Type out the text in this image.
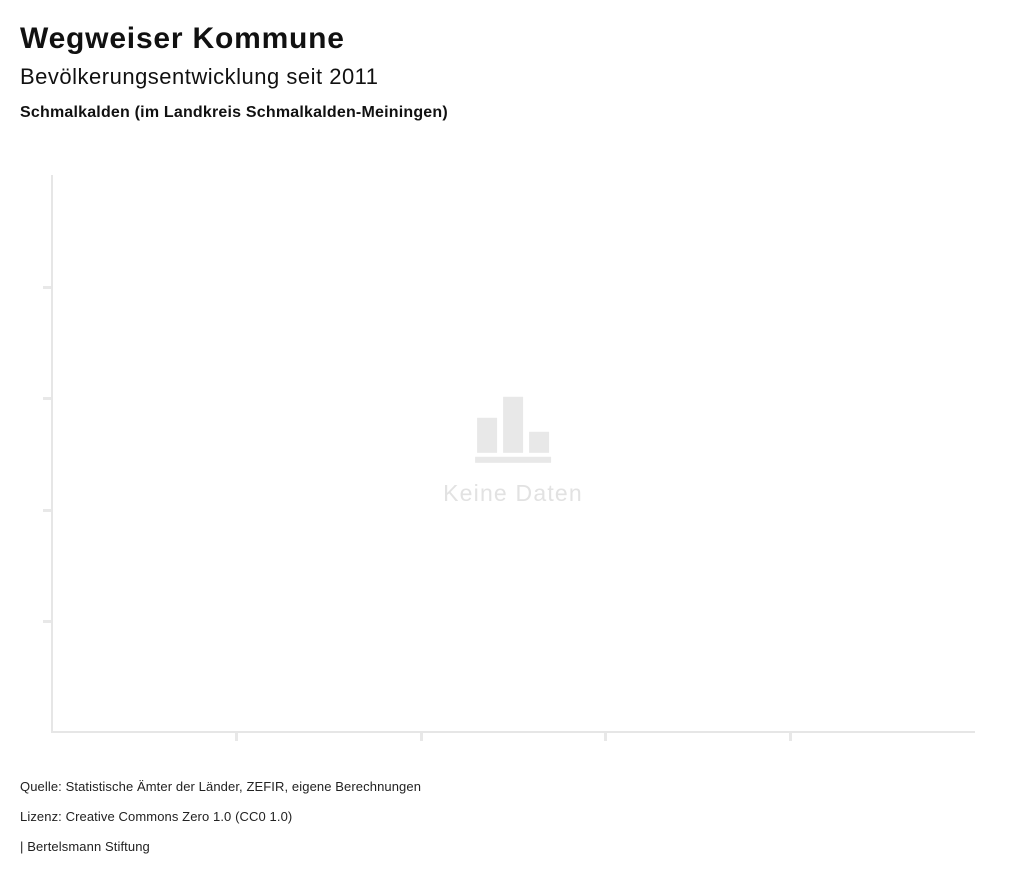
Wegweiser Kommune
Bevölkerungsentwicklung seit 2011
Schmalkalden (im Landkreis Schmalkalden-Meiningen)
Keine Daten

Quelle: Statistische Ämter der Länder, ZEFIR, eigene Berechnungen

Lizenz: Creative Commons Zero 1.0 (CC0 1.0)

| Bertelsmann Stiftung
